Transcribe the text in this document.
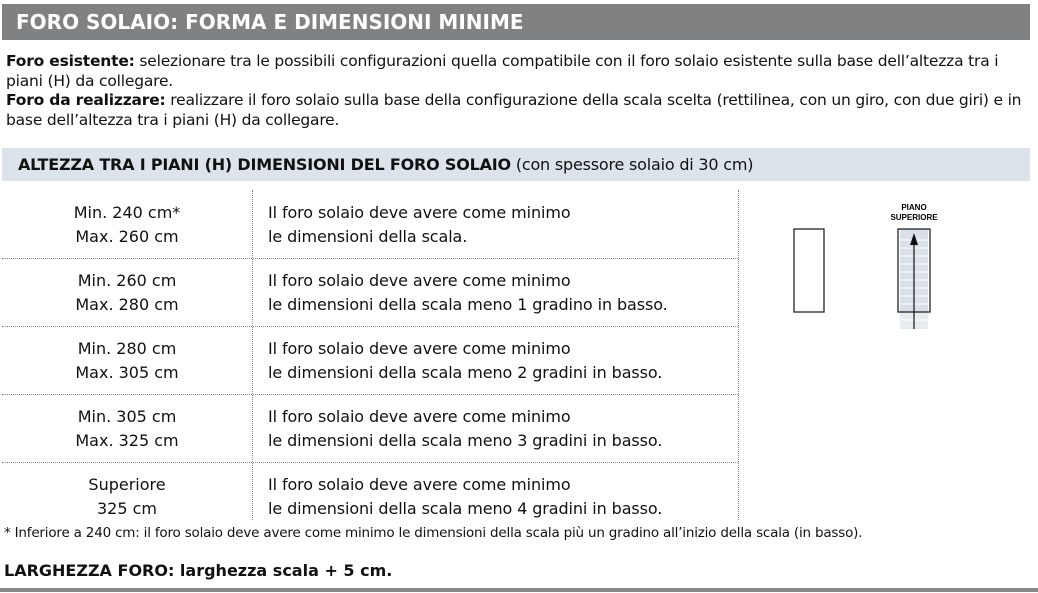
FORO SOLAIO: FORMA E DIMENSIONI MINIME
Foro esistente: selezionare tra le possibili configurazioni quella compatibile con il foro solaio esistente sulla base dell’altezza tra i piani (H) da collegare.
Foro da realizzare: realizzare il foro solaio sulla base della configurazione della scala scelta (rettilinea, con un giro, con due giri) e in base dell’altezza tra i piani (H) da collegare.
ALTEZZA TRA I PIANI (H) DIMENSIONI DEL FORO SOLAIO (con spessore solaio di 30 cm)
Min. 240 cm*
Max. 260 cm
Il foro solaio deve avere come minimo
le dimensioni della scala.
Min. 260 cm
Max. 280 cm
Il foro solaio deve avere come minimo
le dimensioni della scala meno 1 gradino in basso.
Min. 280 cm
Max. 305 cm
Il foro solaio deve avere come minimo
le dimensioni della scala meno 2 gradini in basso.
Min. 305 cm
Max. 325 cm
Il foro solaio deve avere come minimo
le dimensioni della scala meno 3 gradini in basso.
Superiore
325 cm
Il foro solaio deve avere come minimo
le dimensioni della scala meno 4 gradini in basso.
PIANO
SUPERIORE
* Inferiore a 240 cm: il foro solaio deve avere come minimo le dimensioni della scala più un gradino all’inizio della scala (in basso).
LARGHEZZA FORO: larghezza scala + 5 cm.
